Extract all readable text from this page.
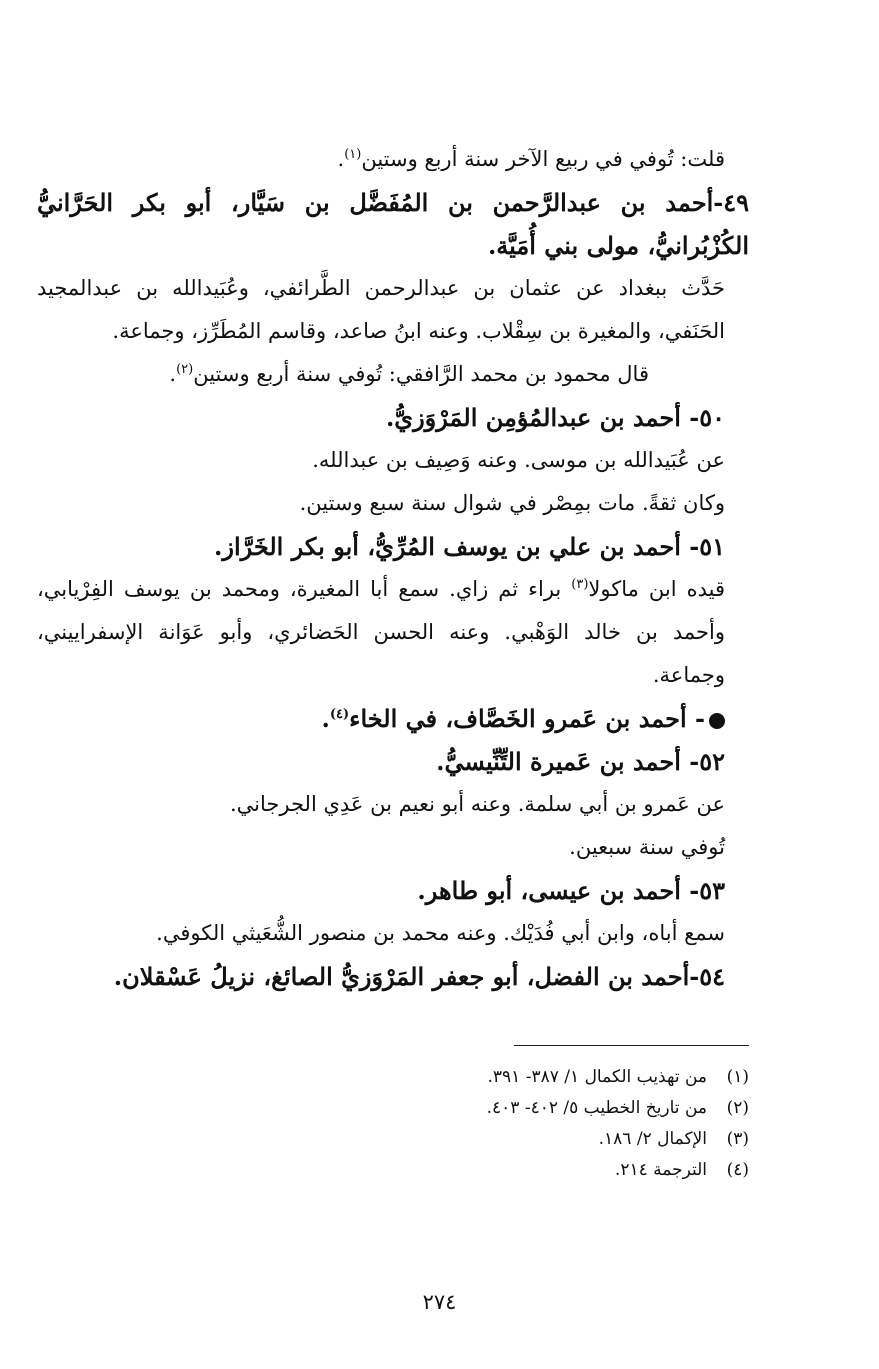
قلت: تُوفي في ربيع الآخر سنة أربع وستين$^{(١)}$.
٤٩-أحمد بن عبدالرَّحمن بن المُفَضَّل بن سَيَّار، أبو بكر الحَرَّانيُّ الكُزْبُرانيُّ، مولى بني أُمَيَّة.
حَدَّث ببغداد عن عثمان بن عبدالرحمن الطَّرائفي، وعُبَيدالله بن عبدالمجيد الحَنَفي، والمغيرة بن سِقْلاب. وعنه ابنُ صاعد، وقاسم المُطَرِّز، وجماعة.
قال محمود بن محمد الرَّافقي: تُوفي سنة أربع وستين$^{(٢)}$.
٥٠- أحمد بن عبدالمُؤمِن المَرْوَزيُّ.
عن عُبَيدالله بن موسى. وعنه وَصِيف بن عبدالله.
وكان ثقةً. مات بمِصْر في شوال سنة سبع وستين.
٥١- أحمد بن علي بن يوسف المُرِّيُّ، أبو بكر الخَرَّاز.
قيده ابن ماكولا$^{(٣)}$ براء ثم زاي. سمع أبا المغيرة، ومحمد بن يوسف الفِرْيابي، وأحمد بن خالد الوَهْبي. وعنه الحسن الحَضائري، وأبو عَوَانة الإسفراييني، وجماعة.
- أحمد بن عَمرو الخَصَّاف، في الخاء$^{(٤)}$.
٥٢- أحمد بن عَميرة التِّنِّيسيُّ.
عن عَمرو بن أبي سلمة. وعنه أبو نعيم بن عَدِي الجرجاني.
تُوفي سنة سبعين.
٥٣- أحمد بن عيسى، أبو طاهر.
سمع أباه، وابن أبي فُدَيْك. وعنه محمد بن منصور الشُّعَيثي الكوفي.
٥٤-أحمد بن الفضل، أبو جعفر المَرْوَزيُّ الصائغ، نزيلُ عَسْقلان.
(١)من تهذيب الكمال ١/ ٣٨٧- ٣٩١.
(٢)من تاريخ الخطيب ٥/ ٤٠٢- ٤٠٣.
(٣)الإكمال ٢/ ١٨٦.
(٤)الترجمة ٢١٤.
٢٧٤
